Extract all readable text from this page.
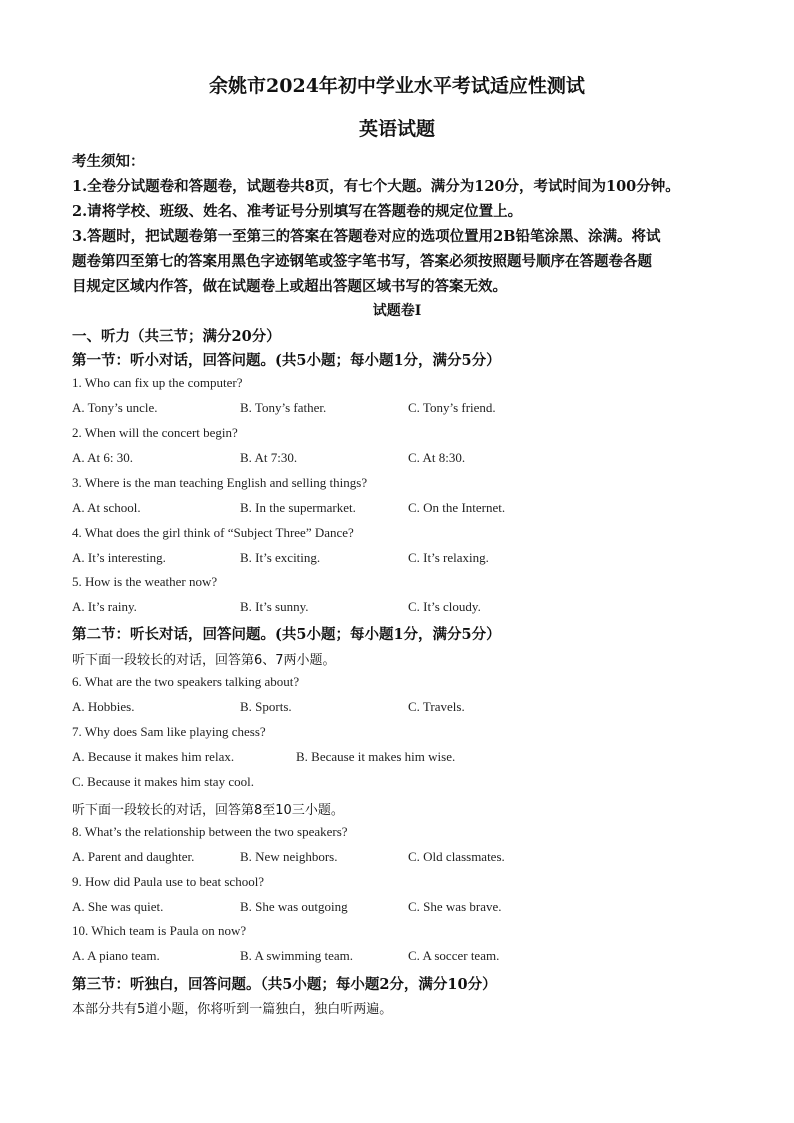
余姚市2024年初中学业水平考试适应性测试
英语试题
考生须知：
1.全卷分试题卷和答题卷，试题卷共8页，有七个大题。满分为120分，考试时间为100分钟。
2.请将学校、班级、姓名、准考证号分别填写在答题卷的规定位置上。
3.答题时，把试题卷第一至第三的答案在答题卷对应的选项位置用2B铅笔涂黑、涂满。将试
题卷第四至第七的答案用黑色字迹钢笔或签字笔书写，答案必须按照题号顺序在答题卷各题
目规定区域内作答，做在试题卷上或超出答题区域书写的答案无效。
试题卷Ⅰ
一、听力（共三节；满分20分）
第一节：听小对话，回答问题。(共5小题；每小题1分，满分5分）
1. Who can fix up the computer?
A. Tony’s uncle.	B. Tony’s father.	C. Tony’s friend.
2. When will the concert begin?
A. At 6: 30.	B. At 7:30.	C. At 8:30.
3. Where is the man teaching English and selling things?
A. At school.	B. In the supermarket.	C. On the Internet.
4. What does the girl think of “Subject Three” Dance?
A. It’s interesting.	B. It’s exciting.	C. It’s relaxing.
5. How is the weather now?
A. It’s rainy.	B. It’s sunny.	C. It’s cloudy.
第二节：听长对话，回答问题。(共5小题；每小题1分，满分5分）
听下面一段较长的对话，回答第6、7两小题。
6. What are the two speakers talking about?
A. Hobbies.	B. Sports.	C. Travels.
7. Why does Sam like playing chess?
A. Because it makes him relax.	B. Because it makes him wise.
C. Because it makes him stay cool.
听下面一段较长的对话，回答第8至10三小题。
8. What’s the relationship between the two speakers?
A. Parent and daughter.	B. New neighbors.	C. Old classmates.
9. How did Paula use to beat school?
A. She was quiet.	B. She was outgoing	C. She was brave.
10. Which team is Paula on now?
A. A piano team.	B. A swimming team.	C. A soccer team.
第三节：听独白，回答问题。（共5小题；每小题2分，满分10分）
本部分共有5道小题，你将听到一篇独白，独白听两遍。
